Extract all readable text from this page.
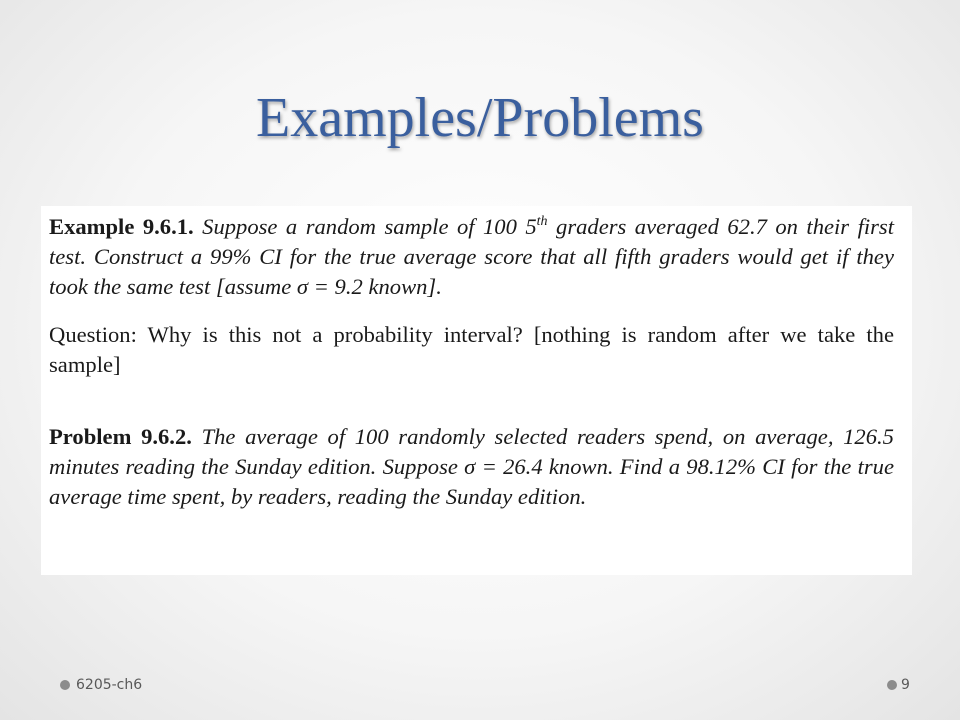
Examples/Problems

Example 9.6.1. Suppose a random sample of 100 5th graders averaged 62.7 on their first test. Construct a 99% CI for the true average score that all fifth graders would get if they took the same test [assume σ = 9.2 known].

Question: Why is this not a probability interval? [nothing is random after we take the sample]

Problem 9.6.2. The average of 100 randomly selected readers spend, on average, 126.5 minutes reading the Sunday edition. Suppose σ = 26.4 known. Find a 98.12% CI for the true average time spent, by readers, reading the Sunday edition.

6205-ch6	9
